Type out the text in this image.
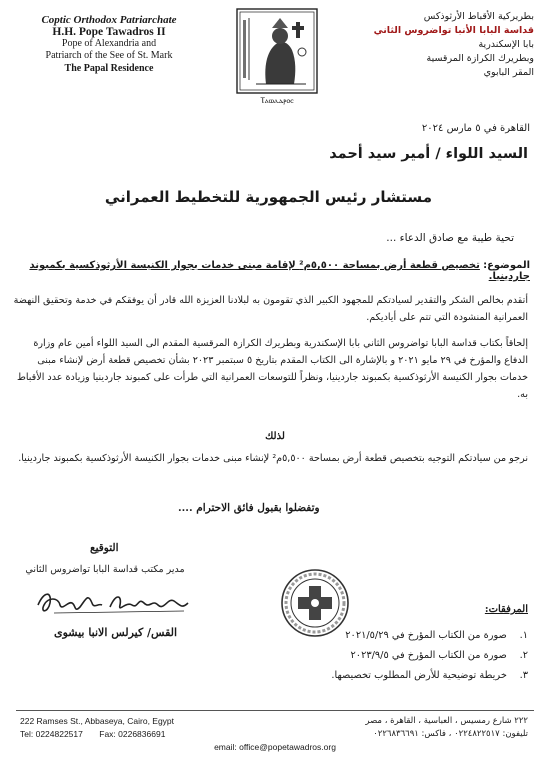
Coptic Orthodox Patriarchate
H.H. Pope Tawadros II
Pope of Alexandria and
Patriarch of the See of St. Mark
The Papal Residence
Ⲧⲁⲱⲁⲇⲣⲟⲥ
بطريركية الأقباط الأرثوذكس
قداسة البابا الأنبا تواضروس الثاني
بابا الإسكندرية
وبطريرك الكرازة المرقسية
المقر البابوي
القاهرة في ٥ مارس ٢٠٢٤
السيد اللواء / أمير سيد أحمد
مستشار رئيس الجمهورية للتخطيط العمراني
تحية طيبة مع صادق الدعاء ...
الموضوع: تخصيص قطعة أرض بمساحة ٥,٥٠٠م² لإقامة مبنى خدمات بجوار الكنيسة الأرثوذكسية بكمبوند جاردينيا.
أتقدم بخالص الشكر والتقدير لسيادتكم للمجهود الكبير الذي تقومون به لبلادنا العزيزة الله قادر أن يوفقكم في خدمة وتحقيق النهضة العمرانية المنشودة التي تتم على أياديكم.
إلحاقاً بكتاب قداسة البابا تواضروس الثاني بابا الإسكندرية وبطريرك الكرازة المرقسية المقدم الى السيد اللواء أمين عام وزارة الدفاع والمؤرخ في ٢٩ مايو ٢٠٢١ و بالإشارة الى الكتاب المقدم بتاريخ ٥ سبتمبر ٢٠٢٣ بشأن تخصيص قطعة أرض لإنشاء مبنى خدمات بجوار الكنيسة الأرثوذكسية بكمبوند جاردينيا، ونظراً للتوسعات العمرانية التي طرأت على كمبوند جاردينيا وزيادة عدد الأقباط به.
لذلك
نرجو من سيادتكم التوجيه بتخصيص قطعة أرض بمساحة ٥,٥٠٠م² لإنشاء مبنى خدمات بجوار الكنيسة الأرثوذكسية بكمبوند جاردينيا.
وتفضلوا بقبول فائق الاحترام ....
التوقيع
مدير مكتب قداسة البابا تواضروس الثاني
القس/ كيرلس الانبا بيشوى
المرفقات:
١. صورة من الكتاب المؤرخ في ٢٠٢١/٥/٢٩
٢. صورة من الكتاب المؤرخ في ٢٠٢٣/٩/٥
٣. خريطة توضيحية للأرض المطلوب تخصيصها.
222 Ramses St., Abbaseya, Cairo, Egypt
Tel: 0224822517 Fax: 0226836691
٢٢٢ شارع رمسيس ، العباسية ، القاهرة ، مصر
تليفون: ٠٢٢٤٨٢٢٥١٧ ، فاكس: ٠٢٢٦٨٣٦٦٩١
email: office@popetawadros.org
